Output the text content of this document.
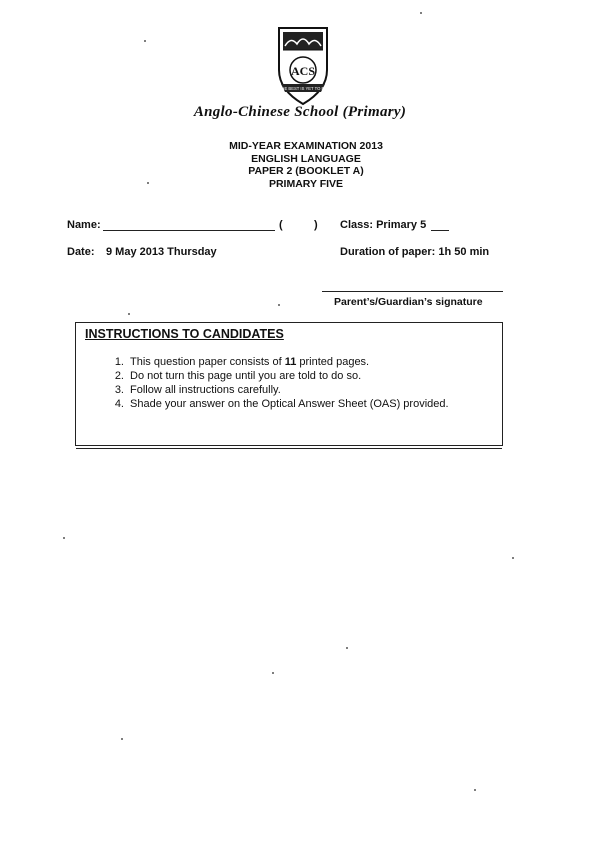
ACS
THE BEST IS YET TO BE
Anglo-Chinese School (Primary)
MID-YEAR EXAMINATION 2013
ENGLISH LANGUAGE
PAPER 2 (BOOKLET A)
PRIMARY FIVE
Name:	(	) Class: Primary 5
Date: 9 May 2013 Thursday	Duration of paper: 1h 50 min
Parent’s/Guardian’s signature
INSTRUCTIONS TO CANDIDATES
1. This question paper consists of 11 printed pages.
2. Do not turn this page until you are told to do so.
3. Follow all instructions carefully.
4. Shade your answer on the Optical Answer Sheet (OAS) provided.
